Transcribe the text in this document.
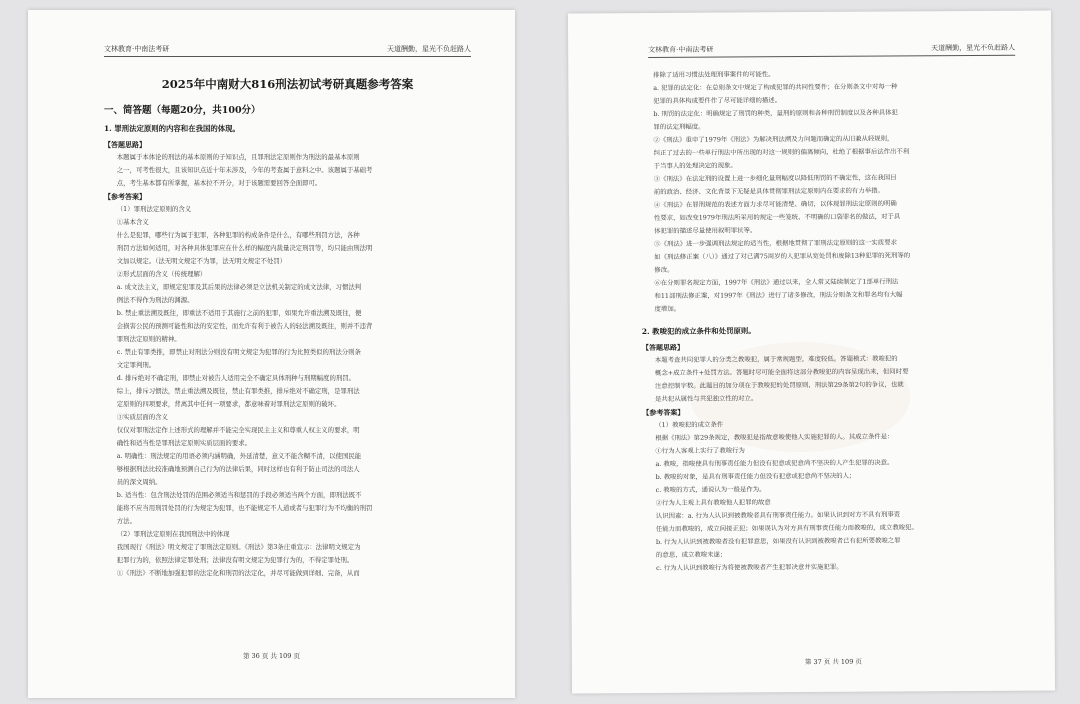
文林教育·中南法考研	天道酬勤，星光不负赶路人
2025年中南财大816刑法初试考研真题参考答案
一、简答题（每题20分，共100分）
1. 罪刑法定原则的内容和在我国的体现。
【答题思路】
本题属于本体论的刑法的基本原则的子知识点，且罪刑法定原则作为刑法的最基本原则
之一，可考性很大，且该知识点近十年未涉及，今年的考查属于意料之中。该题属于基础考
点，考生基本都有所掌握，基本拉不开分，对于该题需要回答全面即可。
【参考答案】
（1）罪刑法定原则的含义
①基本含义
什么是犯罪，哪些行为属于犯罪，各种犯罪的构成条件是什么，有哪些刑罚方法，各种
刑罚方法如何适用，对各种具体犯罪应在什么样的幅度内裁量决定刑罚等，均只能由刑法明
文加以规定。（法无明文规定不为罪，法无明文规定不处罚）
②形式层面的含义（传统理解）
a. 成文法主义，即规定犯罪及其后果的法律必须是立法机关制定的成文法律，习惯法判
例法不得作为刑法的渊源。
b. 禁止重法溯及既往，即重法不适用于其施行之前的犯罪，如果允许重法溯及既往，便
会损害公民的预测可能性和法的安定性，而允许有利于被告人的轻法溯及既往，则并不违背
罪刑法定原则的精神。
c. 禁止有罪类推，即禁止对刑法分则没有明文规定为犯罪的行为比照类似的刑法分则条
文定罪判刑。
d. 排斥绝对不确定刑，即禁止对被告人适用完全不确定具体刑种与刑期幅度的刑罚。
综上，排斥习惯法，禁止重法溯及既往，禁止有罪类推，排斥绝对不确定刑，是罪刑法
定原则的四项要求，背离其中任何一项要求，都意味着对罪刑法定原则的破坏。
③实质层面的含义
仅仅对罪刑法定作上述形式的理解并不能完全实现民主主义和尊重人权主义的要求，明
确性和适当性是罪刑法定原则实质层面的要求。
a. 明确性：刑法规定的用语必须内涵明确，外延清楚，意义不能含糊不清，以使国民能
够根据刑法比较准确地预测自己行为的法律后果，同时这样也有利于防止司法的司法人
员的深文周纳。
b. 适当性：包含刑法处罚的范围必须适当和惩罚的手段必须适当两个方面，即刑法既不
能将不应当用刑罚处罚的行为规定为犯罪，也不能规定不人道或者与犯罪行为不均衡的刑罚
方法。
（2）罪刑法定原则在我国刑法中的体现
我国现行《刑法》明文规定了罪刑法定原则。《刑法》第3条庄重宣示：法律明文规定为
犯罪行为的，依照法律定罪处刑；法律没有明文规定为犯罪行为的，不得定罪处刑。
①《刑法》不断地加强犯罪的法定化和刑罚的法定化，并尽可能做到详细、完备，从而
第 36 页 共 109 页
文林教育·中南法考研	天道酬勤，星光不负赶路人
排除了适用习惯法处理刑事案件的可能性。
a. 犯罪的法定化：在总则条文中规定了构成犯罪的共同性要件；在分则条文中对每一种
犯罪的具体构成要件作了尽可能详细的描述。
b. 刑罚的法定化：明确规定了刑罚的种类，量刑的原则和各种刑罚制度以及各种具体犯
罪的法定刑幅度。
②《刑法》重申了1979年《刑法》为解决刑法溯及力问题而确定的从旧兼从轻规则，
纠正了过去的一些单行刑法中所出现的对这一规则的偏离倾向，杜绝了根据事后法作出不利
于当事人的处理决定的现象。
③《刑法》在法定刑的设置上进一步细化量刑幅度以降低刑罚的不确定性，这在我国目
前的政治、经济、文化背景下无疑是具体贯彻罪刑法定原则内在要求的有力举措。
④《刑法》在罪刑规范的表述方面力求尽可能清楚、确切，以体现罪刑法定原则的明确
性要求，如改变1979年刑法所采用的规定一些笼统、不明确的口袋罪名的做法，对于具
体犯罪的描述尽量使用叙明罪状等。
⑤《刑法》进一步强调刑法规定的适当性，根据地贯彻了罪刑法定原则的这一实质要求
如《刑法修正案（八）》通过了对已满75周岁的人犯罪从宽处罚和废除13种犯罪的死刑等的
修改。
⑥在分则罪名规定方面，1997年《刑法》通过以来，全人常又陆续制定了1部单行刑法
和11部刑法修正案，对1997年《刑法》进行了诸多修改，刑法分则条文和罪名均有大幅
度增加。
2. 教唆犯的成立条件和处罚原则。
【答题思路】
本题考查共同犯罪人的分类之教唆犯，属于常规题型，难度较低。答题模式：教唆犯的
概念+成立条件+处罚方法。答题时尽可能全面将这部分教唆犯的内容呈现出来，但同时要
注意控制字数。此题目的加分项在于教唆犯的处罚原则，刑法第29条第2句的争议，也就
是共犯从属性与共犯独立性的对立。
【参考答案】
（1）教唆犯的成立条件
根据《刑法》第29条规定，教唆犯是指故意唆使他人实施犯罪的人。其成立条件是：
①行为人客观上实行了教唆行为
a. 教唆，指唆使具有刑事责任能力但没有犯意或犯意尚不坚决的人产生犯罪的决意。
b. 教唆的对象，是具有刑事责任能力但没有犯意或犯意尚不坚决的人；
c. 教唆的方式，通说认为一般是作为。
②行为人主观上具有教唆他人犯罪的故意
认识因素：a. 行为人认识到被教唆者具有刑事责任能力。如果认识到对方不具有刑事责
任能力而教唆的，成立间接正犯；如果误认为对方具有刑事责任能力而教唆的，成立教唆犯。
b. 行为人认识到被教唆者没有犯罪意思，如果没有认识到被教唆者已有犯所要教唆之罪
的意思，成立教唆未遂；
c. 行为人认识到教唆行为将使被教唆者产生犯罪决意并实施犯罪。
第 37 页 共 109 页
